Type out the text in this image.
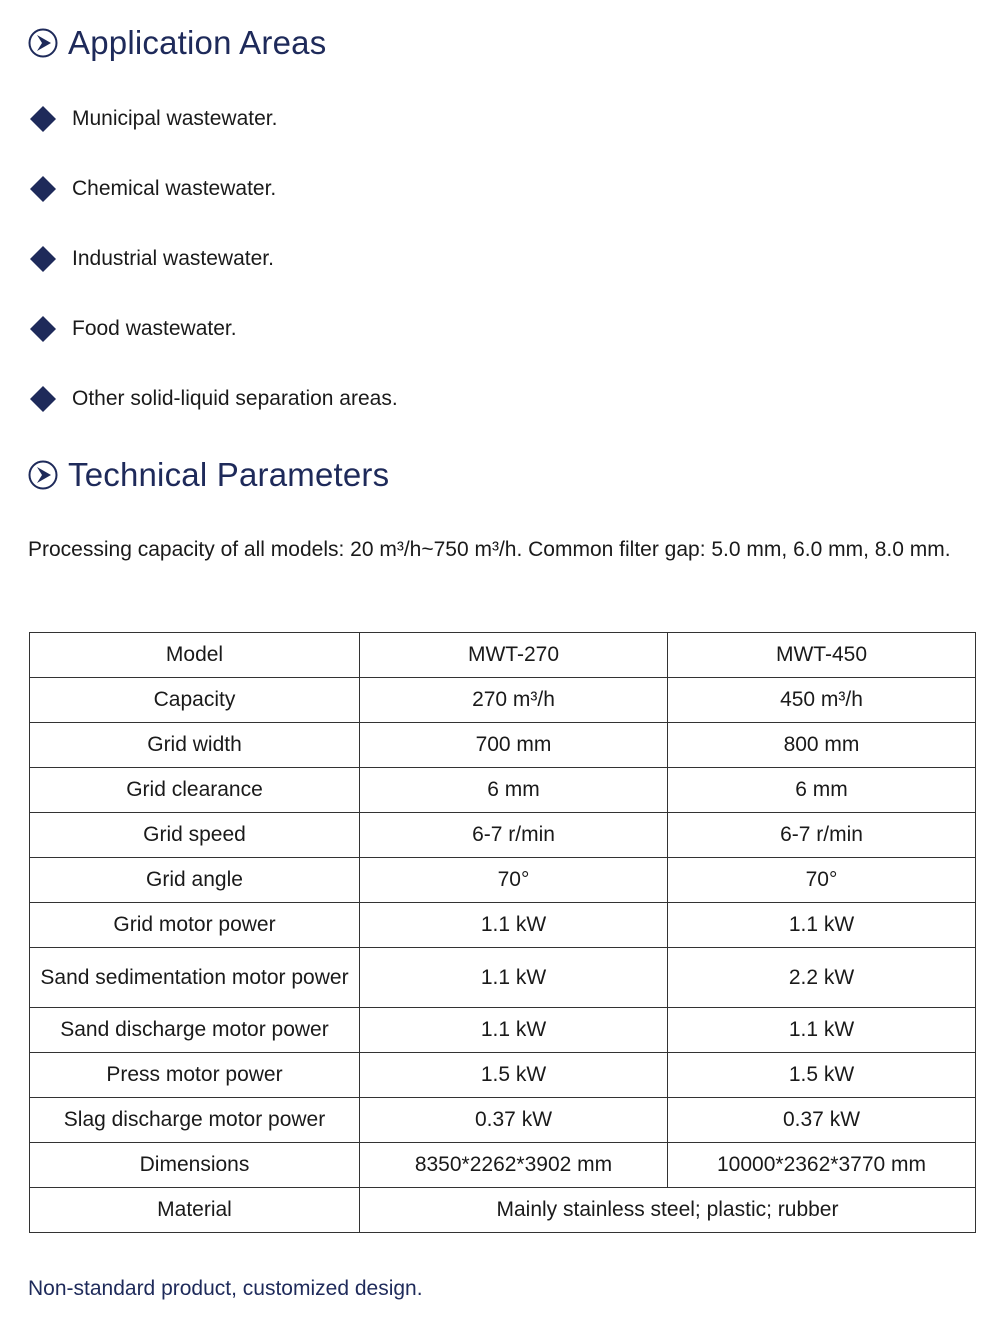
Application Areas
Municipal wastewater.
Chemical wastewater.
Industrial wastewater.
Food wastewater.
Other solid-liquid separation areas.
Technical Parameters

Processing capacity of all models: 20 m³/h~750 m³/h. Common filter gap: 5.0 mm, 6.0 mm, 8.0 mm.

Model	MWT-270	MWT-450
Capacity	270 m³/h	450 m³/h
Grid width	700 mm	800 mm
Grid clearance	6 mm	6 mm
Grid speed	6-7 r/min	6-7 r/min
Grid angle	70°	70°
Grid motor power	1.1 kW	1.1 kW
Sand sedimentation motor power	1.1 kW	2.2 kW
Sand discharge motor power	1.1 kW	1.1 kW
Press motor power	1.5 kW	1.5 kW
Slag discharge motor power	0.37 kW	0.37 kW
Dimensions	8350*2262*3902 mm	10000*2362*3770 mm
Material	Mainly stainless steel; plastic; rubber	
Non-standard product, customized design.
